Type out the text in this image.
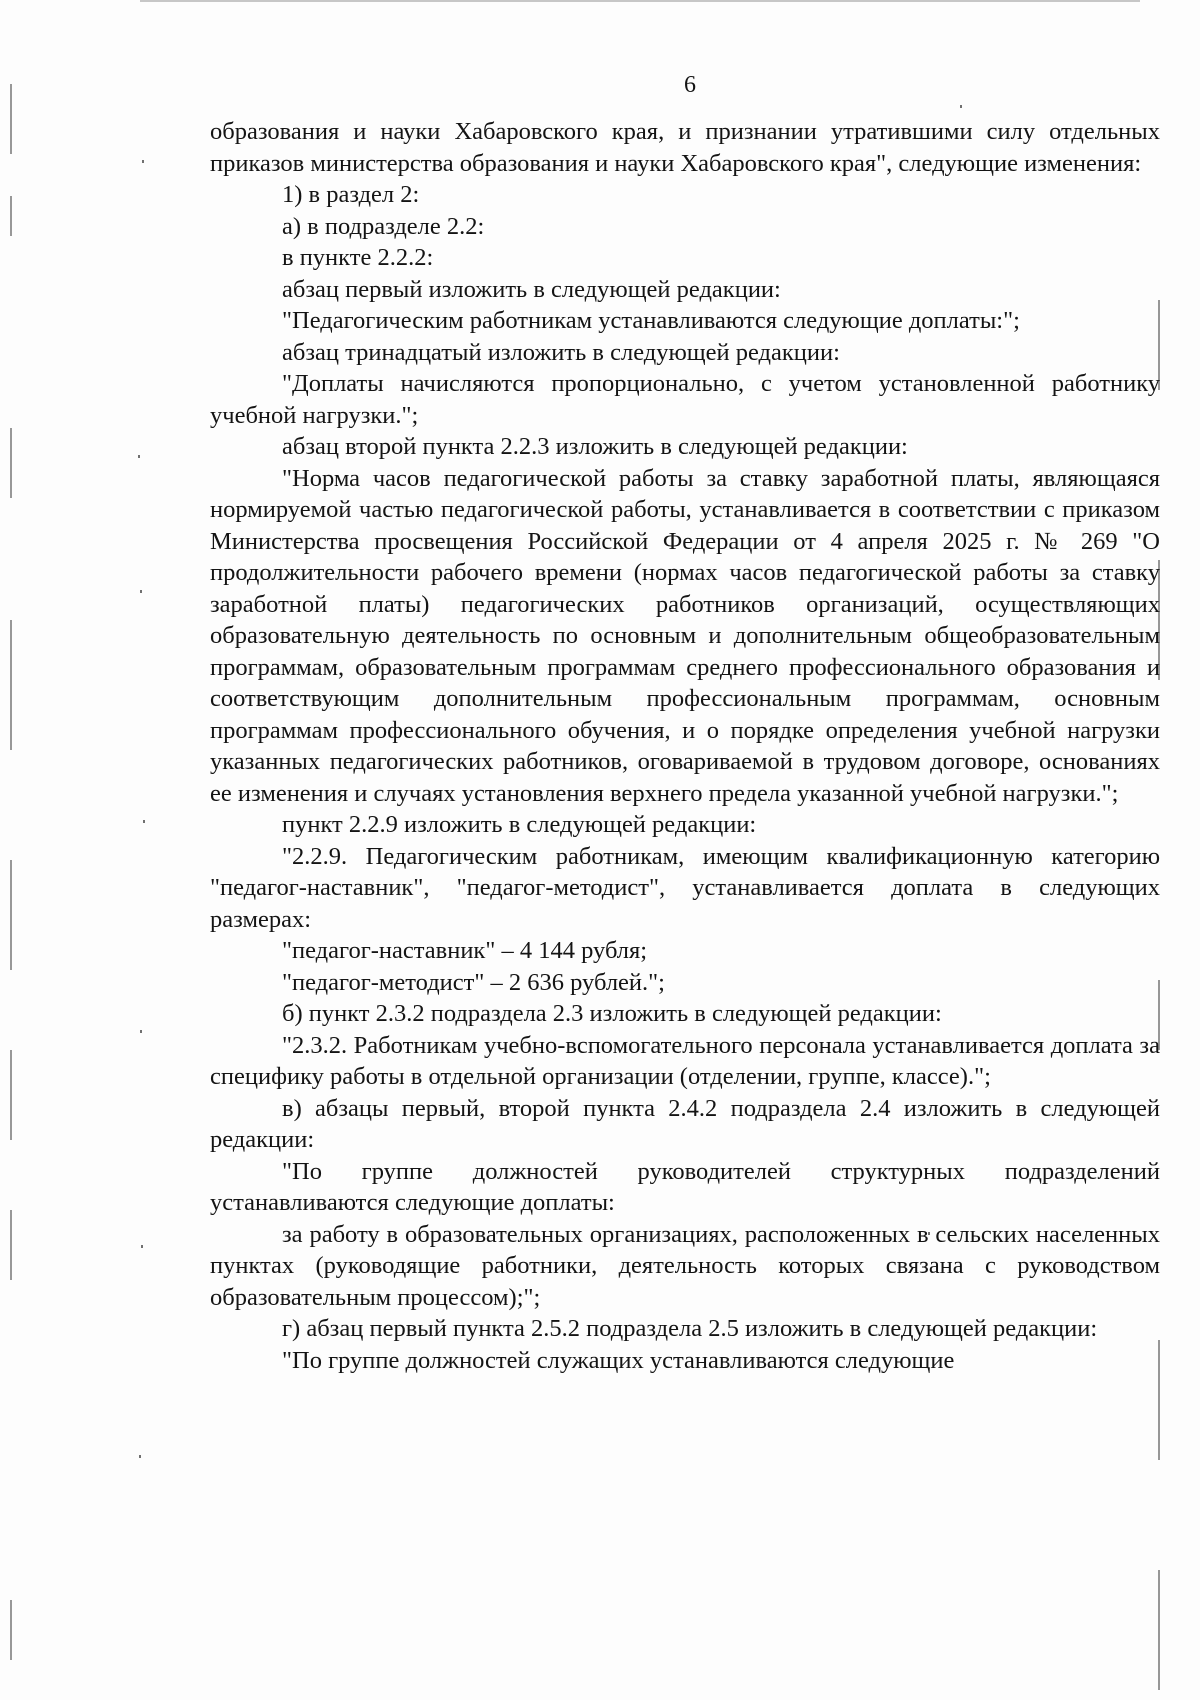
6

образования и науки Хабаровского края, и признании утратившими силу отдельных приказов министерства образования и науки Хабаровского края", следующие изменения:

1) в раздел 2:

а) в подразделе 2.2:

в пункте 2.2.2:

абзац первый изложить в следующей редакции:

"Педагогическим работникам устанавливаются следующие доплаты:";

абзац тринадцатый изложить в следующей редакции:

"Доплаты начисляются пропорционально, с учетом установленной работнику учебной нагрузки.";

абзац второй пункта 2.2.3 изложить в следующей редакции:

"Норма часов педагогической работы за ставку заработной платы, являющаяся нормируемой частью педагогической работы, устанавливается в соответствии с приказом Министерства просвещения Российской Федерации от 4 апреля 2025 г. № 269 "О продолжительности рабочего времени (нормах часов педагогической работы за ставку заработной платы) педагогических работников организаций, осуществляющих образовательную деятельность по основным и дополнительным общеобразовательным программам, образовательным программам среднего профессионального образования и соответствующим дополнительным профессиональным программам, основным программам профессионального обучения, и о порядке определения учебной нагрузки указанных педагогических работников, оговариваемой в трудовом договоре, основаниях ее изменения и случаях установления верхнего предела указанной учебной нагрузки.";

пункт 2.2.9 изложить в следующей редакции:

"2.2.9. Педагогическим работникам, имеющим квалификационную категорию "педагог-наставник", "педагог-методист", устанавливается доплата в следующих размерах:

"педагог-наставник" – 4 144 рубля;

"педагог-методист" – 2 636 рублей.";

б) пункт 2.3.2 подраздела 2.3 изложить в следующей редакции:

"2.3.2. Работникам учебно-вспомогательного персонала устанавливается доплата за специфику работы в отдельной организации (отделении, группе, классе).";

в) абзацы первый, второй пункта 2.4.2 подраздела 2.4 изложить в следующей редакции:

"По группе должностей руководителей структурных подразделений устанавливаются следующие доплаты:

за работу в образовательных организациях, расположенных в сельских населенных пунктах (руководящие работники, деятельность которых связана с руководством образовательным процессом);";

г) абзац первый пункта 2.5.2 подраздела 2.5 изложить в следующей редакции:

"По группе должностей служащих устанавливаются следующие
